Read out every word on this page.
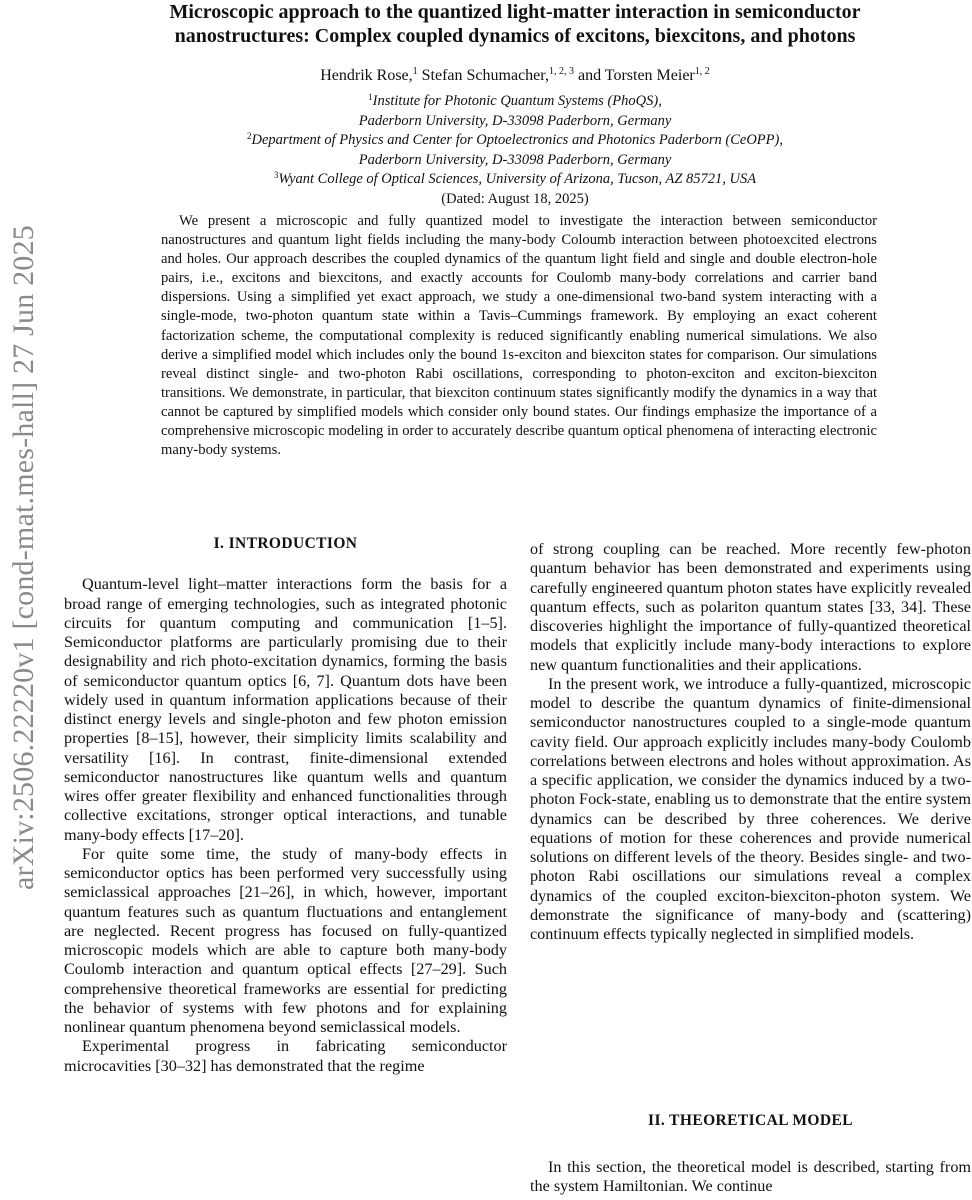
arXiv:2506.22220v1 [cond-mat.mes-hall] 27 Jun 2025
Microscopic approach to the quantized light-matter interaction in semiconductor
nanostructures: Complex coupled dynamics of excitons, biexcitons, and photons
Hendrik Rose,$^1$ Stefan Schumacher,$^{1, 2, 3}$ and Torsten Meier$^{1, 2}$
$^1$Institute for Photonic Quantum Systems (PhoQS),
Paderborn University, D-33098 Paderborn, Germany
$^2$Department of Physics and Center for Optoelectronics and Photonics Paderborn (CeOPP),
Paderborn University, D-33098 Paderborn, Germany
$^3$Wyant College of Optical Sciences, University of Arizona, Tucson, AZ 85721, USA
(Dated: August 18, 2025)

We present a microscopic and fully quantized model to investigate the interaction between semiconductor nanostructures and quantum light fields including the many-body Coloumb interaction between photoexcited electrons and holes. Our approach describes the coupled dynamics of the quantum light field and single and double electron-hole pairs, i.e., excitons and biexcitons, and exactly accounts for Coulomb many-body correlations and carrier band dispersions. Using a simplified yet exact approach, we study a one-dimensional two-band system interacting with a single-mode, two-photon quantum state within a Tavis–Cummings framework. By employing an exact coherent factorization scheme, the computational complexity is reduced significantly enabling numerical simulations. We also derive a simplified model which includes only the bound 1s-exciton and biexciton states for comparison. Our simulations reveal distinct single- and two-photon Rabi oscillations, corresponding to photon-exciton and exciton-biexciton transitions. We demonstrate, in particular, that biexciton continuum states significantly modify the dynamics in a way that cannot be captured by simplified models which consider only bound states. Our findings emphasize the importance of a comprehensive microscopic modeling in order to accurately describe quantum optical phenomena of interacting electronic many-body systems.

I. INTRODUCTION

Quantum-level light–matter interactions form the basis for a broad range of emerging technologies, such as integrated photonic circuits for quantum computing and communication [1–5]. Semiconductor platforms are particularly promising due to their designability and rich photo-excitation dynamics, forming the basis of semiconductor quantum optics [6, 7]. Quantum dots have been widely used in quantum information applications because of their distinct energy levels and single-photon and few photon emission properties [8–15], however, their simplicity limits scalability and versatility [16]. In contrast, finite-dimensional extended semiconductor nanostructures like quantum wells and quantum wires offer greater flexibility and enhanced functionalities through collective excitations, stronger optical interactions, and tunable many-body effects [17–20].

For quite some time, the study of many-body effects in semiconductor optics has been performed very successfully using semiclassical approaches [21–26], in which, however, important quantum features such as quantum fluctuations and entanglement are neglected. Recent progress has focused on fully-quantized microscopic models which are able to capture both many-body Coulomb interaction and quantum optical effects [27–29]. Such comprehensive theoretical frameworks are essential for predicting the behavior of systems with few photons and for explaining nonlinear quantum phenomena beyond semiclassical models.

Experimental progress in fabricating semiconductor microcavities [30–32] has demonstrated that the regime

of strong coupling can be reached. More recently few-photon quantum behavior has been demonstrated and experiments using carefully engineered quantum photon states have explicitly revealed quantum effects, such as polariton quantum states [33, 34]. These discoveries highlight the importance of fully-quantized theoretical models that explicitly include many-body interactions to explore new quantum functionalities and their applications.

In the present work, we introduce a fully-quantized, microscopic model to describe the quantum dynamics of finite-dimensional semiconductor nanostructures coupled to a single-mode quantum cavity field. Our approach explicitly includes many-body Coulomb correlations between electrons and holes without approximation. As a specific application, we consider the dynamics induced by a two-photon Fock-state, enabling us to demonstrate that the entire system dynamics can be described by three coherences. We derive equations of motion for these coherences and provide numerical solutions on different levels of the theory. Besides single- and two-photon Rabi oscillations our simulations reveal a complex dynamics of the coupled exciton-biexciton-photon system. We demonstrate the significance of many-body and (scattering) continuum effects typically neglected in simplified models.

II. THEORETICAL MODEL

In this section, the theoretical model is described, starting from the system Hamiltonian. We continue
